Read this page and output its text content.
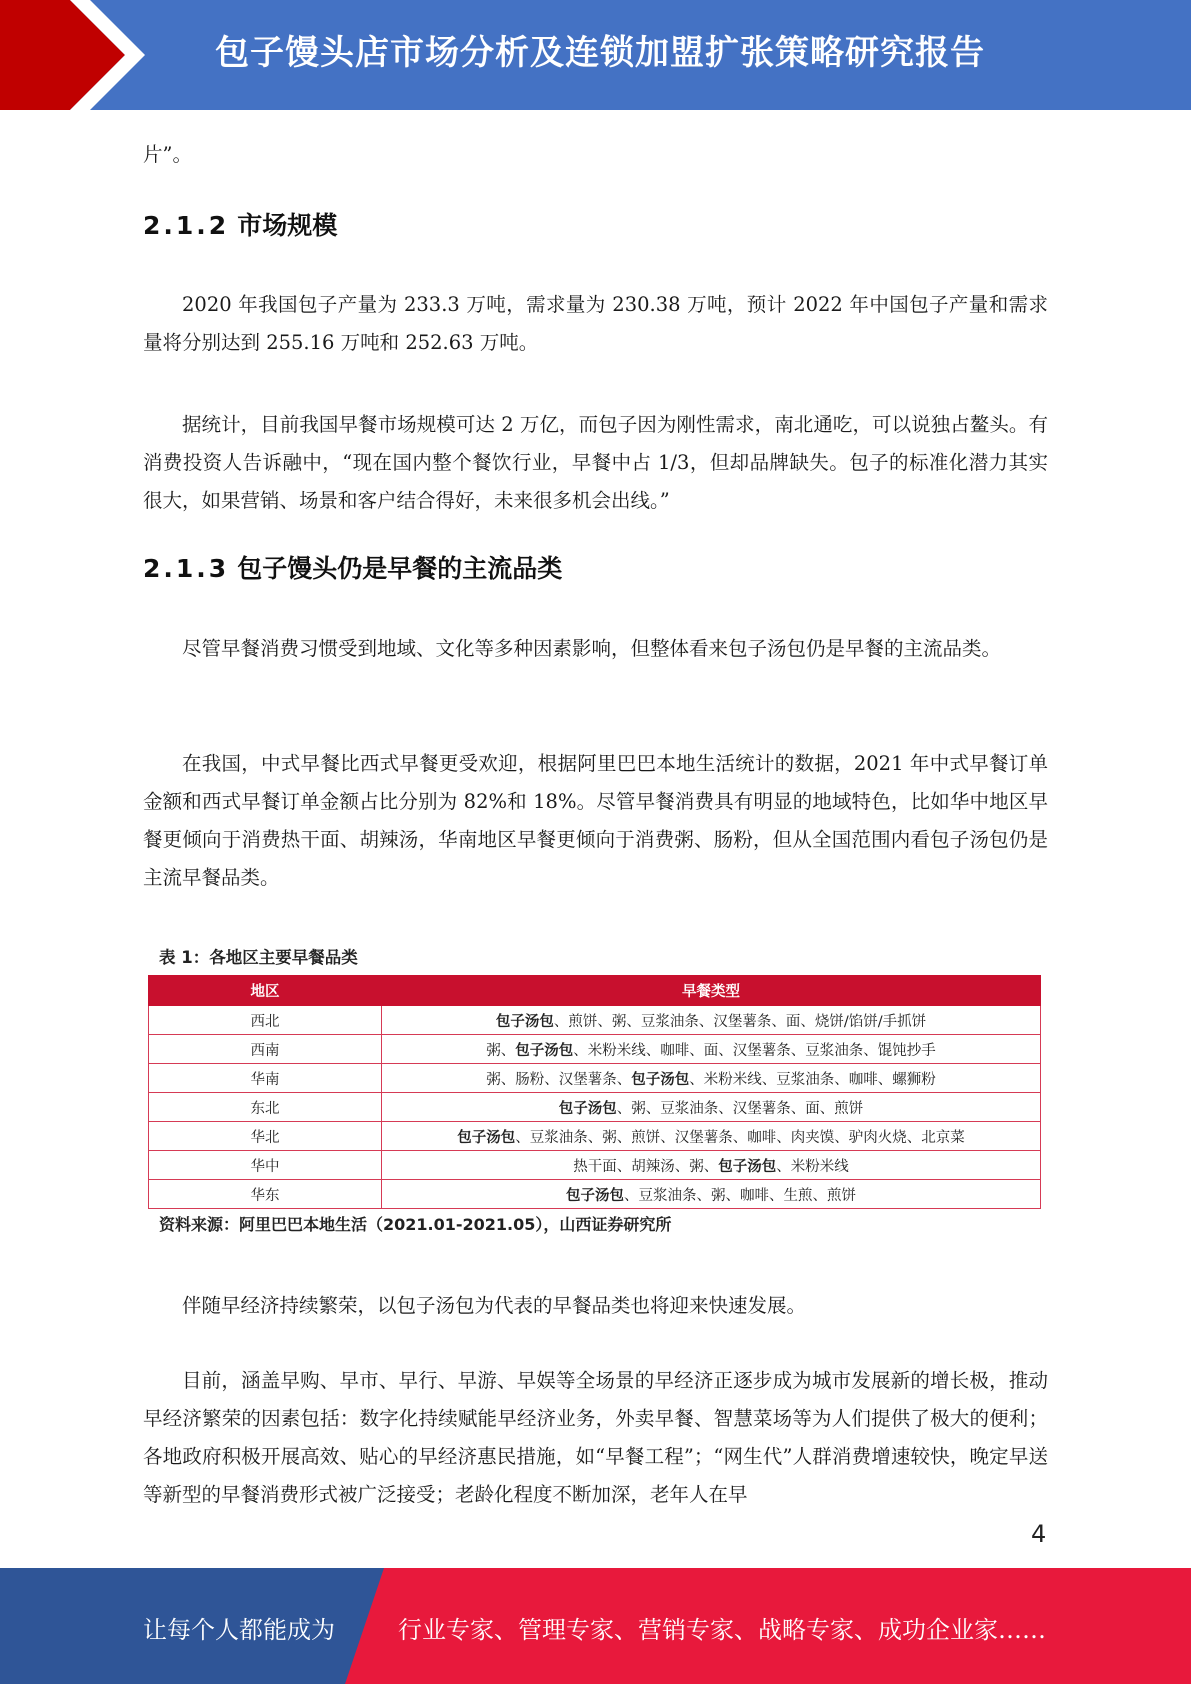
包子馒头店市场分析及连锁加盟扩张策略研究报告

片”。

2.1.2 市场规模

2020 年我国包子产量为 233.3 万吨，需求量为 230.38 万吨，预计 2022 年中国包子产量和需求量将分别达到 255.16 万吨和 252.63 万吨。

据统计，目前我国早餐市场规模可达 2 万亿，而包子因为刚性需求，南北通吃，可以说独占鳌头。有消费投资人告诉融中，“现在国内整个餐饮行业，早餐中占 1/3，但却品牌缺失。包子的标准化潜力其实很大，如果营销、场景和客户结合得好，未来很多机会出线。”

2.1.3 包子馒头仍是早餐的主流品类

尽管早餐消费习惯受到地域、文化等多种因素影响，但整体看来包子汤包仍是早餐的主流品类。

在我国，中式早餐比西式早餐更受欢迎，根据阿里巴巴本地生活统计的数据，2021 年中式早餐订单金额和西式早餐订单金额占比分别为 82%和 18%。尽管早餐消费具有明显的地域特色，比如华中地区早餐更倾向于消费热干面、胡辣汤，华南地区早餐更倾向于消费粥、肠粉，但从全国范围内看包子汤包仍是主流早餐品类。

表 1：各地区主要早餐品类
地区	早餐类型
西北	包子汤包、煎饼、粥、豆浆油条、汉堡薯条、面、烧饼/馅饼/手抓饼
西南	粥、包子汤包、米粉米线、咖啡、面、汉堡薯条、豆浆油条、馄饨抄手
华南	粥、肠粉、汉堡薯条、包子汤包、米粉米线、豆浆油条、咖啡、螺狮粉
东北	包子汤包、粥、豆浆油条、汉堡薯条、面、煎饼
华北	包子汤包、豆浆油条、粥、煎饼、汉堡薯条、咖啡、肉夹馍、驴肉火烧、北京菜
华中	热干面、胡辣汤、粥、包子汤包、米粉米线
华东	包子汤包、豆浆油条、粥、咖啡、生煎、煎饼
资料来源：阿里巴巴本地生活（2021.01-2021.05），山西证券研究所

伴随早经济持续繁荣，以包子汤包为代表的早餐品类也将迎来快速发展。

目前，涵盖早购、早市、早行、早游、早娱等全场景的早经济正逐步成为城市发展新的增长极，推动早经济繁荣的因素包括：数字化持续赋能早经济业务，外卖早餐、智慧菜场等为人们提供了极大的便利；各地政府积极开展高效、贴心的早经济惠民措施，如“早餐工程”；“网生代”人群消费增速较快，晚定早送等新型的早餐消费形式被广泛接受；老龄化程度不断加深，老年人在早

4
让每个人都能成为	行业专家、管理专家、营销专家、战略专家、成功企业家……
